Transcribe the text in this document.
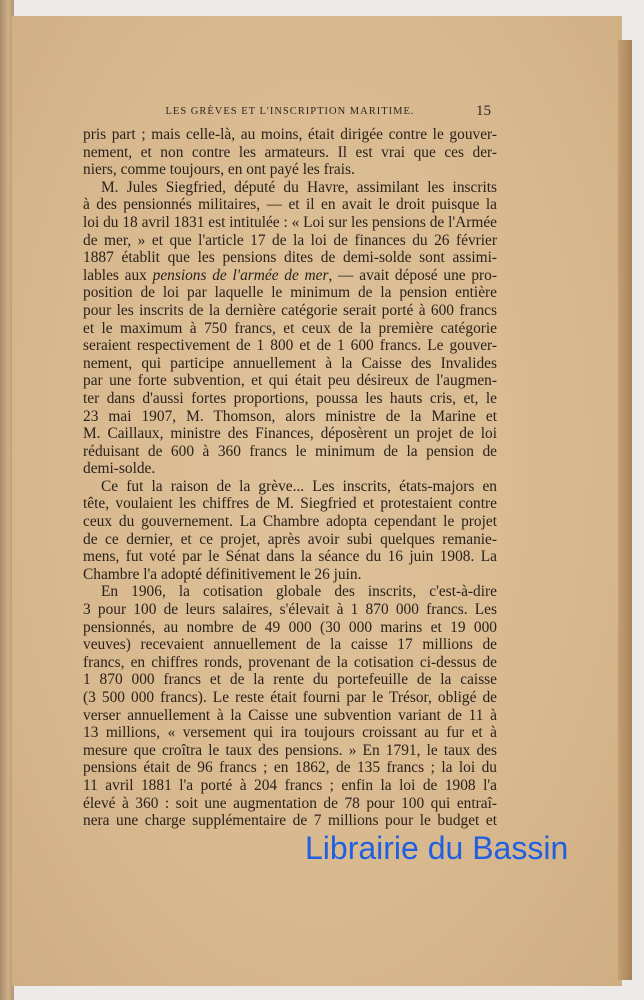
LES GRÈVES ET L'INSCRIPTION MARITIME.	15
pris part ; mais celle-là, au moins, était dirigée contre le gouver-
nement, et non contre les armateurs. Il est vrai que ces der-
niers, comme toujours, en ont payé les frais.
M. Jules Siegfried, député du Havre, assimilant les inscrits
à des pensionnés militaires, — et il en avait le droit puisque la
loi du 18 avril 1831 est intitulée : « Loi sur les pensions de l'Armée
de mer, » et que l'article 17 de la loi de finances du 26 février
1887 établit que les pensions dites de demi-solde sont assimi-
lables aux pensions de l'armée de mer, — avait déposé une pro-
position de loi par laquelle le minimum de la pension entière
pour les inscrits de la dernière catégorie serait porté à 600 francs
et le maximum à 750 francs, et ceux de la première catégorie
seraient respectivement de 1 800 et de 1 600 francs. Le gouver-
nement, qui participe annuellement à la Caisse des Invalides
par une forte subvention, et qui était peu désireux de l'augmen-
ter dans d'aussi fortes proportions, poussa les hauts cris, et, le
23 mai 1907, M. Thomson, alors ministre de la Marine et
M. Caillaux, ministre des Finances, déposèrent un projet de loi
réduisant de 600 à 360 francs le minimum de la pension de
demi-solde.
Ce fut la raison de la grève... Les inscrits, états-majors en
tête, voulaient les chiffres de M. Siegfried et protestaient contre
ceux du gouvernement. La Chambre adopta cependant le projet
de ce dernier, et ce projet, après avoir subi quelques remanie-
mens, fut voté par le Sénat dans la séance du 16 juin 1908. La
Chambre l'a adopté définitivement le 26 juin.
En 1906, la cotisation globale des inscrits, c'est-à-dire
3 pour 100 de leurs salaires, s'élevait à 1 870 000 francs. Les
pensionnés, au nombre de 49 000 (30 000 marins et 19 000
veuves) recevaient annuellement de la caisse 17 millions de
francs, en chiffres ronds, provenant de la cotisation ci-dessus de
1 870 000 francs et de la rente du portefeuille de la caisse
(3 500 000 francs). Le reste était fourni par le Trésor, obligé de
verser annuellement à la Caisse une subvention variant de 11 à
13 millions, « versement qui ira toujours croissant au fur et à
mesure que croîtra le taux des pensions. » En 1791, le taux des
pensions était de 96 francs ; en 1862, de 135 francs ; la loi du
11 avril 1881 l'a porté à 204 francs ; enfin la loi de 1908 l'a
élevé à 360 : soit une augmentation de 78 pour 100 qui entraî-
nera une charge supplémentaire de 7 millions pour le budget et
Librairie du Bassin
